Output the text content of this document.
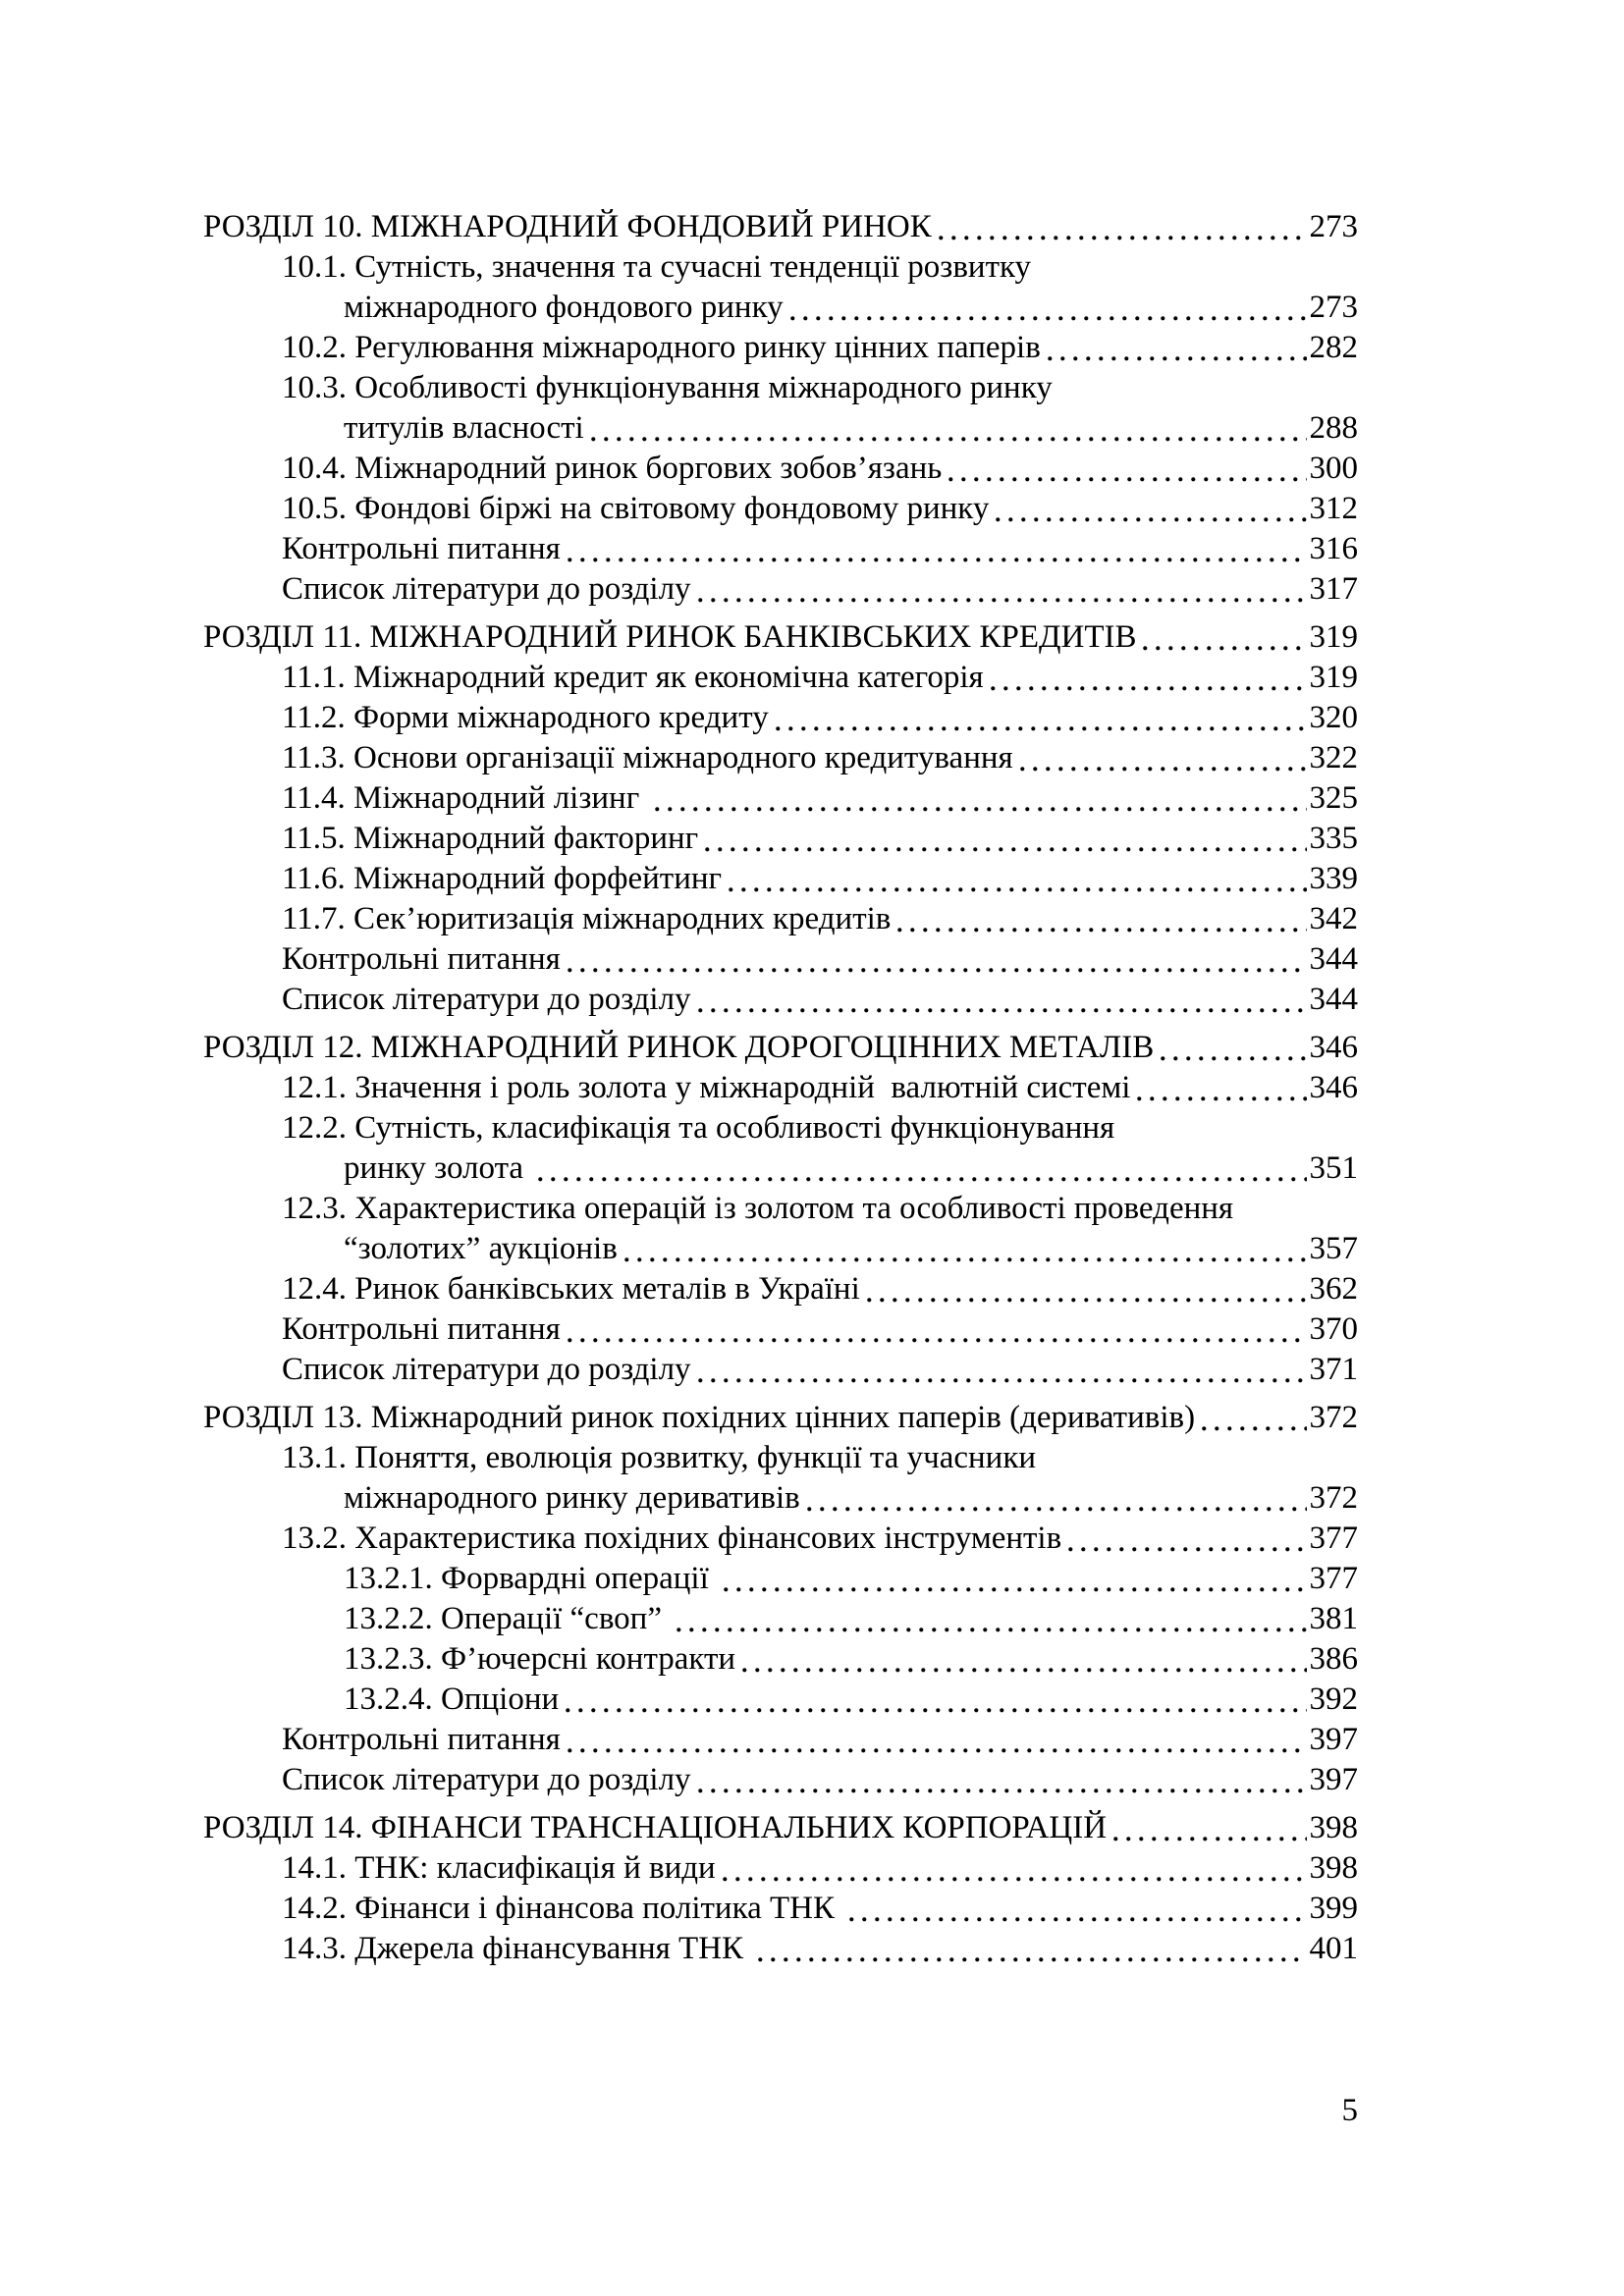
РОЗДІЛ 10. МІЖНАРОДНИЙ ФОНДОВИЙ РИНОК	273
10.1. Сутність, значення та сучасні тенденції розвитку
міжнародного фондового ринку	273
10.2. Регулювання міжнародного ринку цінних паперів	282
10.3. Особливості функціонування міжнародного ринку
титулів власності	288
10.4. Міжнародний ринок боргових зобов’язань	300
10.5. Фондові біржі на світовому фондовому ринку	312
Контрольні питання	316
Список літератури до розділу	317
РОЗДІЛ 11. МІЖНАРОДНИЙ РИНОК БАНКІВСЬКИХ КРЕДИТІВ	319
11.1. Міжнародний кредит як економічна категорія	319
11.2. Форми міжнародного кредиту	320
11.3. Основи організації міжнародного кредитування	322
11.4. Міжнародний лізинг	325
11.5. Міжнародний факторинг	335
11.6. Міжнародний форфейтинг	339
11.7. Сек’юритизація міжнародних кредитів	342
Контрольні питання	344
Список літератури до розділу	344
РОЗДІЛ 12. МІЖНАРОДНИЙ РИНОК ДОРОГОЦІННИХ МЕТАЛІВ	346
12.1. Значення і роль золота у міжнародній  валютній системі	346
12.2. Сутність, класифікація та особливості функціонування
ринку золота	351
12.3. Характеристика операцій із золотом та особливості проведення
“золотих” аукціонів	357
12.4. Ринок банківських металів в Україні	362
Контрольні питання	370
Список літератури до розділу	371
РОЗДІЛ 13. Міжнародний ринок похідних цінних паперів (деривативів)	372
13.1. Поняття, еволюція розвитку, функції та учасники
міжнародного ринку деривативів	372
13.2. Характеристика похідних фінансових інструментів	377
13.2.1. Форвардні операції	377
13.2.2. Операції “своп”	381
13.2.3. Ф’ючерсні контракти	386
13.2.4. Опціони	392
Контрольні питання	397
Список літератури до розділу	397
РОЗДІЛ 14. ФІНАНСИ ТРАНСНАЦІОНАЛЬНИХ КОРПОРАЦІЙ	398
14.1. ТНК: класифікація й види	398
14.2. Фінанси і фінансова політика ТНК	399
14.3. Джерела фінансування ТНК	401
5
